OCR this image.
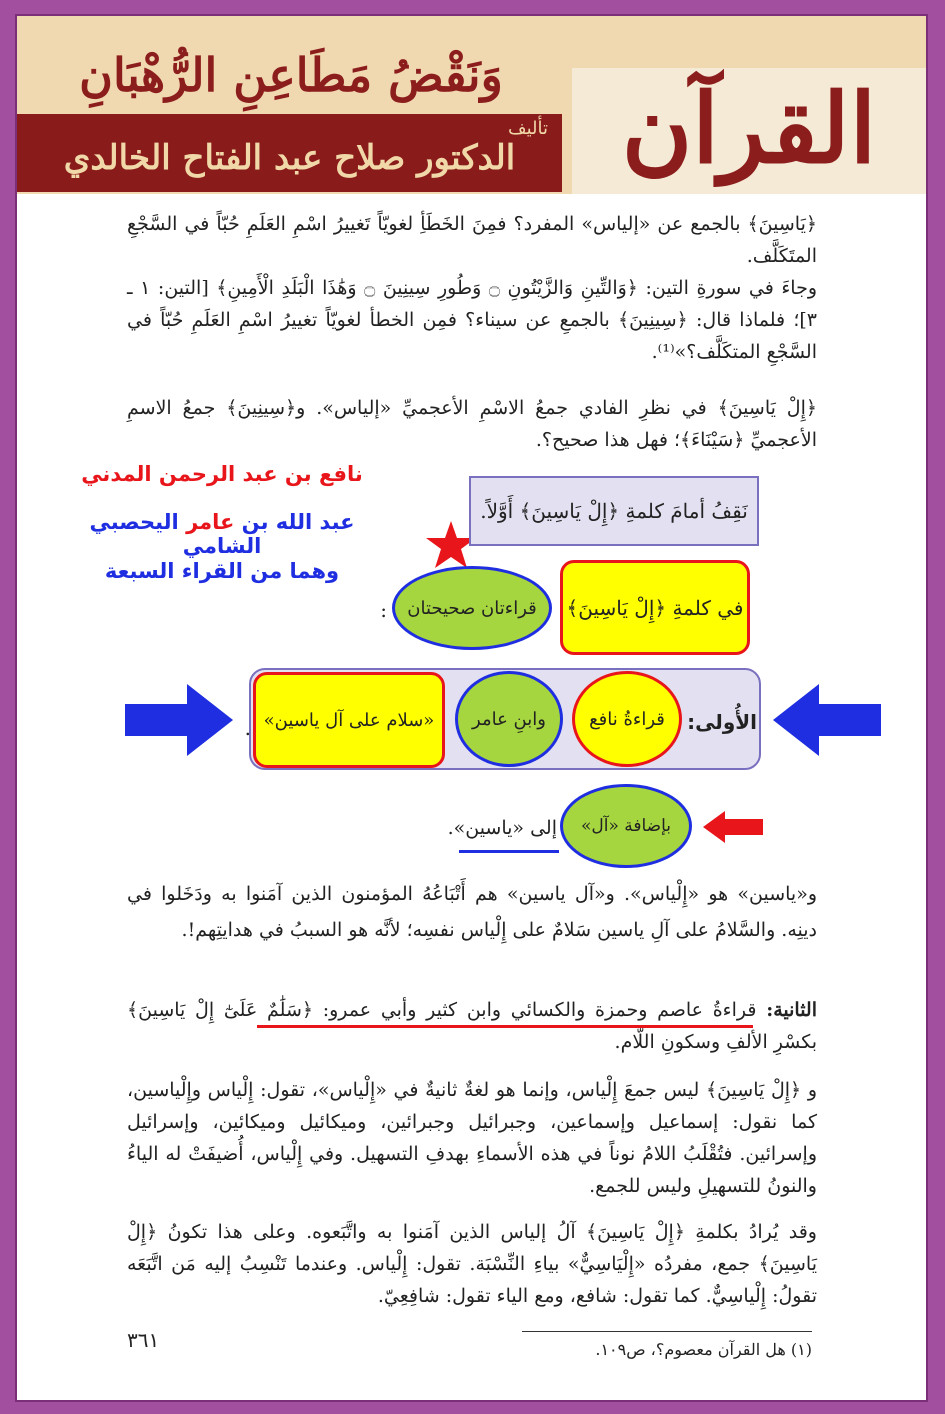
وَنَقْضُ مَطَاعِنِ الرُّهْبَانِ
تأليف
الدكتور صلاح عبد الفتاح الخالدي	القرآن
﴿يَاسِينَ﴾ بالجمع عن «إلياس» المفرد؟ فمِنَ الخَطَأِ لغويّاً تَغييرُ اسْمِ العَلَمِ حُبّاً في السَّجْعِ المتَكَلَّف.
وجاءَ في سورةِ التين: ﴿وَالتِّينِ وَالزَّيْتُونِ ۝ وَطُورِ سِينِينَ ۝ وَهَٰذَا الْبَلَدِ الْأَمِينِ﴾ [التين: ١ ـ ٣]؛ فلماذا قال: ﴿سِينِينَ﴾ بالجمعِ عن سيناء؟ فمِن الخطأ لغويّاً تغييرُ اسْمِ العَلَمِ حُبّاً في السَّجْعِ المتكَلَّف؟»⁽¹⁾.
﴿إِلْ يَاسِينَ﴾ في نظرِ الفادي جمعُ الاسْمِ الأعجميِّ «إلياس». و﴿سِينِينَ﴾ جمعُ الاسمِ الأعجميِّ ﴿سَيْنَاءَ﴾؛ فهل هذا صحيح؟.
نافع بن عبد الرحمن المدني
عبد الله بن عامر اليحصبي الشامي
وهما من القراء السبعة
نَقِفُ أمامَ كلمةِ ﴿إِلْ يَاسِينَ﴾ أَوَّلاً.
في كلمةِ ﴿إِلْ يَاسِينَ﴾
قراءتان صحيحتان
:
الأُولى:
قراءةُ نافع
وابنِ عامر
«سلام على آل ياسين»
.
بإضافة «آل»
إلى «ياسين».
و«ياسين» هو «إِلْياس». و«آل ياسين» هم أَتْبَاعُهُ المؤمنون الذين آمَنوا به ودَخَلوا في دينِه. والسَّلامُ على آلِ ياسين سَلامٌ على إِلْياس نفسِه؛ لأنَّه هو السببُ في هدايتِهم!.
الثانية: قراءةُ عاصم وحمزة والكسائي وابن كثير وأبي عمرو: ﴿سَلَٰمٌ عَلَىٰٓ إِلْ يَاسِينَ﴾ بكسْرِ الألفِ وسكونِ اللّام.
و ﴿إِلْ يَاسِينَ﴾ ليس جمعَ إِلْياس، وإنما هو لغةٌ ثانيةٌ في «إِلْياس»، تقول: إِلْياس وإِلْياسين، كما نقول: إسماعيل وإسماعين، وجبرائيل وجبرائين، وميكائيل وميكائين، وإسرائيل وإسرائين. فتُقْلَبُ اللامُ نوناً في هذه الأسماءِ بهدفِ التسهيل. وفي إِلْياس، أُضيفَتْ له الياءُ والنونُ للتسهيلِ وليس للجمع.
وقد يُرادُ بكلمةِ ﴿إِلْ يَاسِينَ﴾ آلُ إلياس الذين آمَنوا به واتَّبَعوه. وعلى هذا تكونُ ﴿إِلْ يَاسِينَ﴾ جمع، مفردُه «إِلْيَاسِيٌّ» بياءِ النِّسْبَة. تقول: إِلْياس. وعندما تَنْسِبُ إليه مَن اتَّبَعَه تقولُ: إِلْياسِيٌّ. كما تقول: شافع، ومع الياء تقول: شافِعِيّ.
٣٦١	(١) هل القرآن معصوم؟، ص١٠٩.
